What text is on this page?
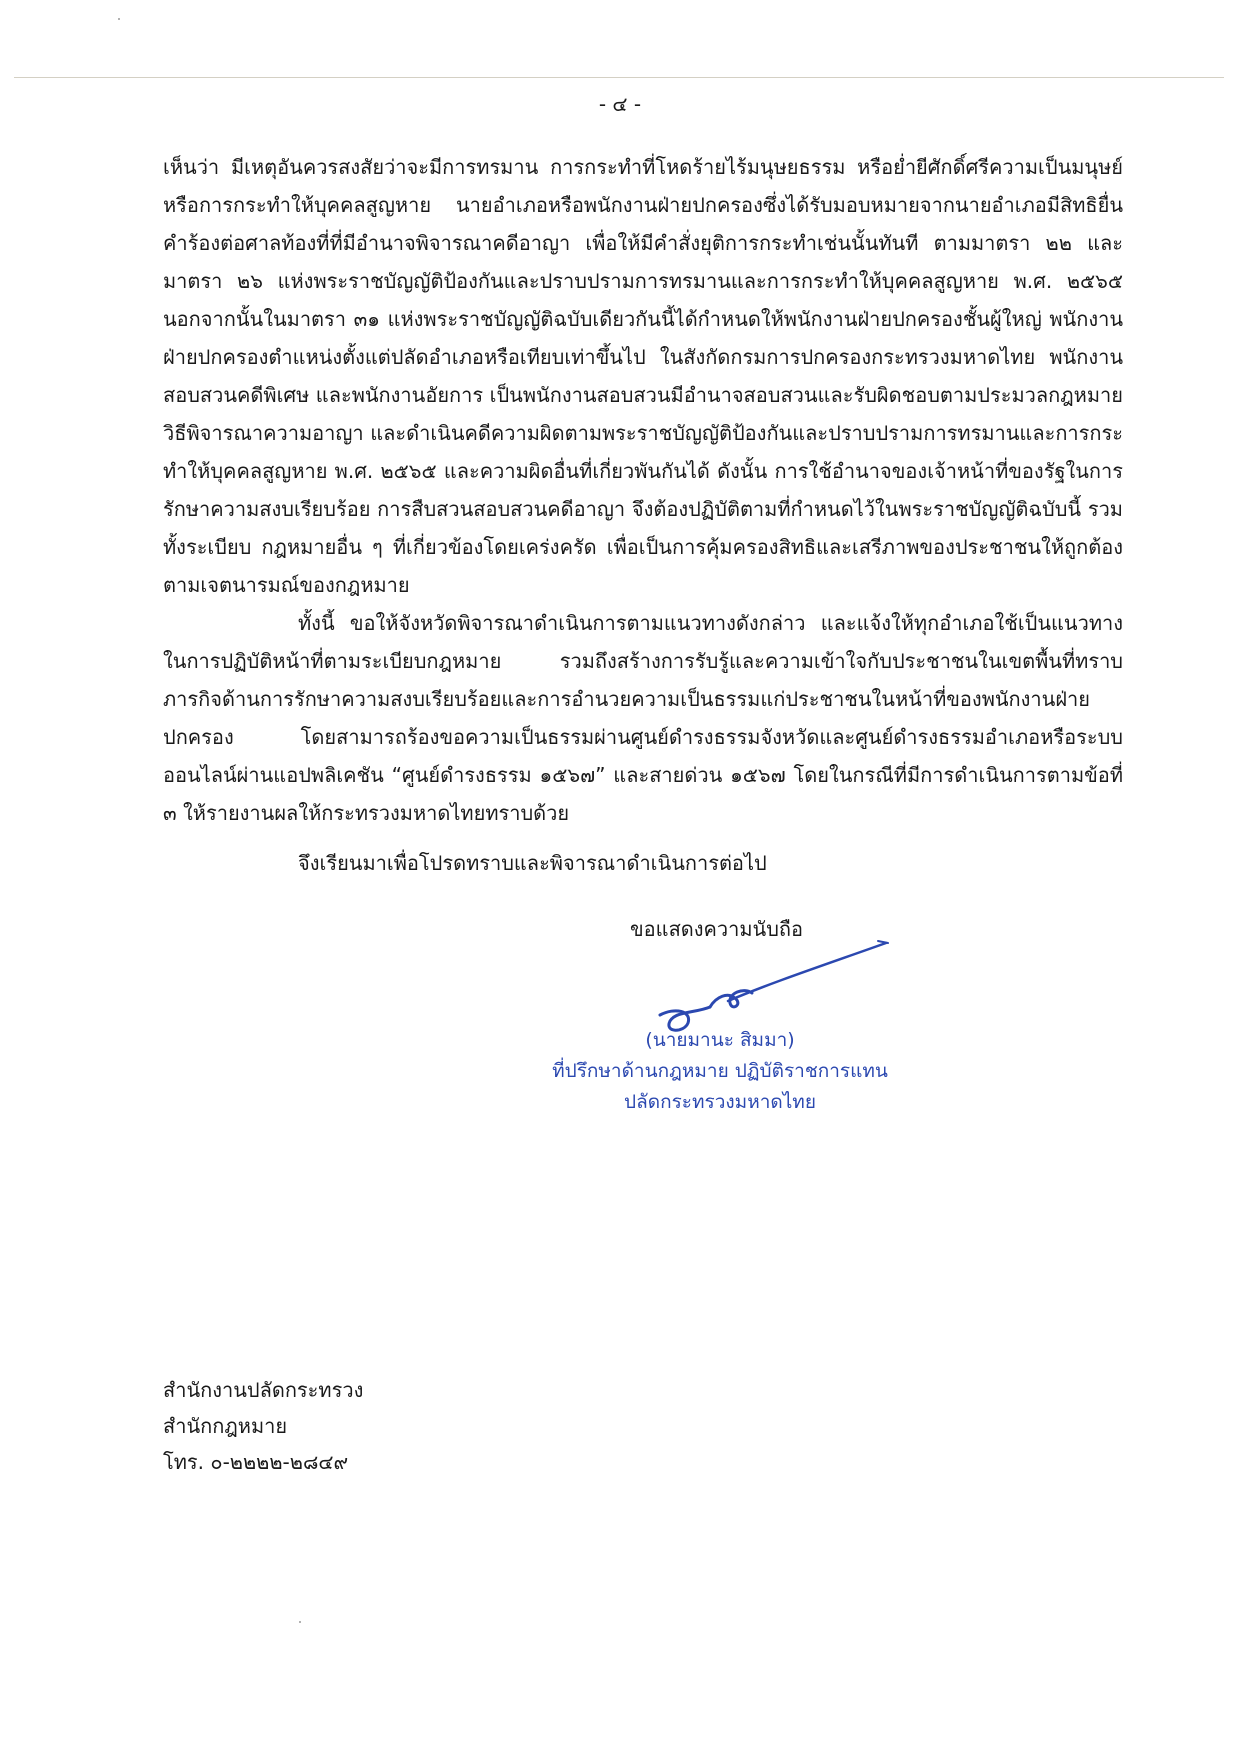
- ๔ -

เห็นว่า มีเหตุอันควรสงสัยว่าจะมีการทรมาน การกระทำที่โหดร้ายไร้มนุษยธรรม หรือย่ำยีศักดิ์ศรีความเป็นมนุษย์ หรือการกระทำให้บุคคลสูญหาย นายอำเภอหรือพนักงานฝ่ายปกครองซึ่งได้รับมอบหมายจากนายอำเภอมีสิทธิยื่นคำร้องต่อศาลท้องที่ที่มีอำนาจพิจารณาคดีอาญา เพื่อให้มีคำสั่งยุติการกระทำเช่นนั้นทันที ตามมาตรา ๒๒ และมาตรา ๒๖ แห่งพระราชบัญญัติป้องกันและปราบปรามการทรมานและการกระทำให้บุคคลสูญหาย พ.ศ. ๒๕๖๕ นอกจากนั้นในมาตรา ๓๑ แห่งพระราชบัญญัติฉบับเดียวกันนี้ได้กำหนดให้พนักงานฝ่ายปกครองชั้นผู้ใหญ่ พนักงานฝ่ายปกครองตำแหน่งตั้งแต่ปลัดอำเภอหรือเทียบเท่าขึ้นไป ในสังกัดกรมการปกครองกระทรวงมหาดไทย พนักงานสอบสวนคดีพิเศษ และพนักงานอัยการ เป็นพนักงานสอบสวนมีอำนาจสอบสวนและรับผิดชอบตามประมวลกฎหมายวิธีพิจารณาความอาญา และดำเนินคดีความผิดตามพระราชบัญญัติป้องกันและปราบปรามการทรมานและการกระทำให้บุคคลสูญหาย พ.ศ. ๒๕๖๕ และความผิดอื่นที่เกี่ยวพันกันได้ ดังนั้น การใช้อำนาจของเจ้าหน้าที่ของรัฐในการรักษาความสงบเรียบร้อย การสืบสวนสอบสวนคดีอาญา จึงต้องปฏิบัติตามที่กำหนดไว้ในพระราชบัญญัติฉบับนี้ รวมทั้งระเบียบ กฎหมายอื่น ๆ ที่เกี่ยวข้องโดยเคร่งครัด เพื่อเป็นการคุ้มครองสิทธิและเสรีภาพของประชาชนให้ถูกต้องตามเจตนารมณ์ของกฎหมาย

ทั้งนี้ ขอให้จังหวัดพิจารณาดำเนินการตามแนวทางดังกล่าว และแจ้งให้ทุกอำเภอใช้เป็นแนวทางในการปฏิบัติหน้าที่ตามระเบียบกฎหมาย รวมถึงสร้างการรับรู้และความเข้าใจกับประชาชนในเขตพื้นที่ทราบภารกิจด้านการรักษาความสงบเรียบร้อยและการอำนวยความเป็นธรรมแก่ประชาชนในหน้าที่ของพนักงานฝ่ายปกครอง โดยสามารถร้องขอความเป็นธรรมผ่านศูนย์ดำรงธรรมจังหวัดและศูนย์ดำรงธรรมอำเภอหรือระบบออนไลน์ผ่านแอปพลิเคชัน “ศูนย์ดำรงธรรม ๑๕๖๗” และสายด่วน ๑๕๖๗ โดยในกรณีที่มีการดำเนินการตามข้อที่ ๓ ให้รายงานผลให้กระทรวงมหาดไทยทราบด้วย

จึงเรียนมาเพื่อโปรดทราบและพิจารณาดำเนินการต่อไป

ขอแสดงความนับถือ
(นายมานะ สิมมา)
ที่ปรึกษาด้านกฎหมาย ปฏิบัติราชการแทน
ปลัดกระทรวงมหาดไทย
สำนักงานปลัดกระทรวง
สำนักกฎหมาย
โทร. ๐-๒๒๒๒-๒๘๔๙
